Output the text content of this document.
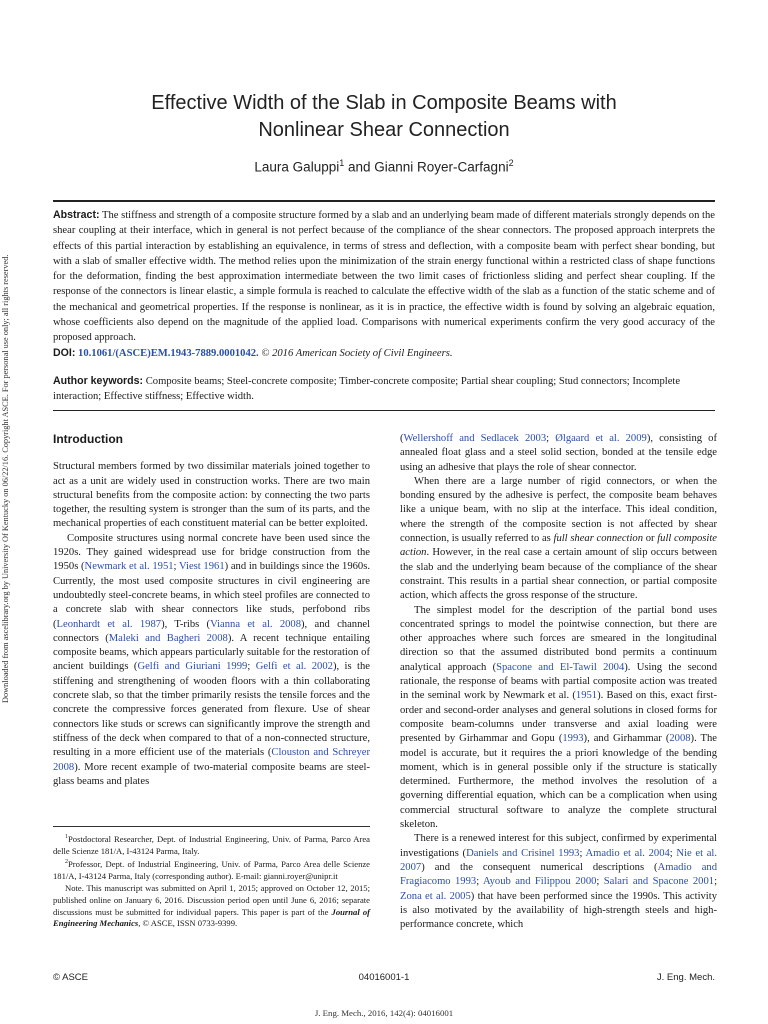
Downloaded from ascelibrary.org by University Of Kentucky on 06/22/16. Copyright ASCE. For personal use only; all rights reserved.
Effective Width of the Slab in Composite Beams with
Nonlinear Shear Connection
Laura Galuppi$^1$ and Gianni Royer-Carfagni$^2$
Abstract: The stiffness and strength of a composite structure formed by a slab and an underlying beam made of different materials strongly depends on the shear coupling at their interface, which in general is not perfect because of the compliance of the shear connectors. The proposed approach interprets the effects of this partial interaction by establishing an equivalence, in terms of stress and deflection, with a composite beam with perfect shear bonding, but with a slab of smaller effective width. The method relies upon the minimization of the strain energy functional within a restricted class of shape functions for the deformation, finding the best approximation intermediate between the two limit cases of frictionless sliding and perfect shear coupling. If the response of the connectors is linear elastic, a simple formula is reached to calculate the effective width of the slab as a function of the static scheme and of the mechanical and geometrical properties. If the response is nonlinear, as it is in practice, the effective width is found by solving an algebraic equation, whose coefficients also depend on the magnitude of the applied load. Comparisons with numerical experiments confirm the very good accuracy of the proposed approach.
DOI: 10.1061/(ASCE)EM.1943-7889.0001042. © 2016 American Society of Civil Engineers.
Author keywords: Composite beams; Steel-concrete composite; Timber-concrete composite; Partial shear coupling; Stud connectors; Incomplete interaction; Effective stiffness; Effective width.
Introduction

Structural members formed by two dissimilar materials joined together to act as a unit are widely used in construction works. There are two main structural benefits from the composite action: by connecting the two parts together, the resulting system is stronger than the sum of its parts, and the mechanical properties of each constituent material can be better exploited.

Composite structures using normal concrete have been used since the 1920s. They gained widespread use for bridge construction from the 1950s (Newmark et al. 1951; Viest 1961) and in buildings since the 1960s. Currently, the most used composite structures in civil engineering are undoubtedly steel-concrete beams, in which steel profiles are connected to a concrete slab with shear connectors like studs, perfobond ribs (Leonhardt et al. 1987), T-ribs (Vianna et al. 2008), and channel connectors (Maleki and Bagheri 2008). A recent technique entailing composite beams, which appears particularly suitable for the restoration of ancient buildings (Gelfi and Giuriani 1999; Gelfi et al. 2002), is the stiffening and strengthening of wooden floors with a thin collaborating concrete slab, so that the timber primarily resists the tensile forces and the concrete the compressive forces generated from flexure. Use of shear connectors like studs or screws can significantly improve the strength and stiffness of the deck when compared to that of a non-connected structure, resulting in a more efficient use of the materials (Clouston and Schreyer 2008). More recent example of two-material composite beams are steel-glass beams and plates

$^1$Postdoctoral Researcher, Dept. of Industrial Engineering, Univ. of Parma, Parco Area delle Scienze 181/A, I-43124 Parma, Italy.

$^2$Professor, Dept. of Industrial Engineering, Univ. of Parma, Parco Area delle Scienze 181/A, I-43124 Parma, Italy (corresponding author). E-mail: gianni.royer@unipr.it

Note. This manuscript was submitted on April 1, 2015; approved on October 12, 2015; published online on January 6, 2016. Discussion period open until June 6, 2016; separate discussions must be submitted for individual papers. This paper is part of the Journal of Engineering Mechanics, © ASCE, ISSN 0733-9399.

(Wellershoff and Sedlacek 2003; Ølgaard et al. 2009), consisting of annealed float glass and a steel solid section, bonded at the tensile edge using an adhesive that plays the role of shear connector.

When there are a large number of rigid connectors, or when the bonding ensured by the adhesive is perfect, the composite beam behaves like a unique beam, with no slip at the interface. This ideal condition, where the strength of the composite section is not affected by shear connection, is usually referred to as full shear connection or full composite action. However, in the real case a certain amount of slip occurs between the slab and the underlying beam because of the compliance of the shear constraint. This results in a partial shear connection, or partial composite action, which affects the gross response of the structure.

The simplest model for the description of the partial bond uses concentrated springs to model the pointwise connection, but there are other approaches where such forces are smeared in the longitudinal direction so that the assumed distributed bond permits a continuum analytical approach (Spacone and El-Tawil 2004). Using the second rationale, the response of beams with partial composite action was treated in the seminal work by Newmark et al. (1951). Based on this, exact first-order and second-order analyses and general solutions in closed forms for composite beam-columns under transverse and axial loading were presented by Girhammar and Gopu (1993), and Girhammar (2008). The model is accurate, but it requires the a priori knowledge of the bending moment, which is in general possible only if the structure is statically determined. Furthermore, the method involves the resolution of a governing differential equation, which can be a complication when using commercial structural software to analyze the complete structural skeleton.

There is a renewed interest for this subject, confirmed by experimental investigations (Daniels and Crisinel 1993; Amadio et al. 2004; Nie et al. 2007) and the consequent numerical descriptions (Amadio and Fragiacomo 1993; Ayoub and Filippou 2000; Salari and Spacone 2001; Zona et al. 2005) that have been performed since the 1990s. This activity is also motivated by the availability of high-strength steels and high-performance concrete, which

© ASCE	04016001-1	J. Eng. Mech.
J. Eng. Mech., 2016, 142(4): 04016001
